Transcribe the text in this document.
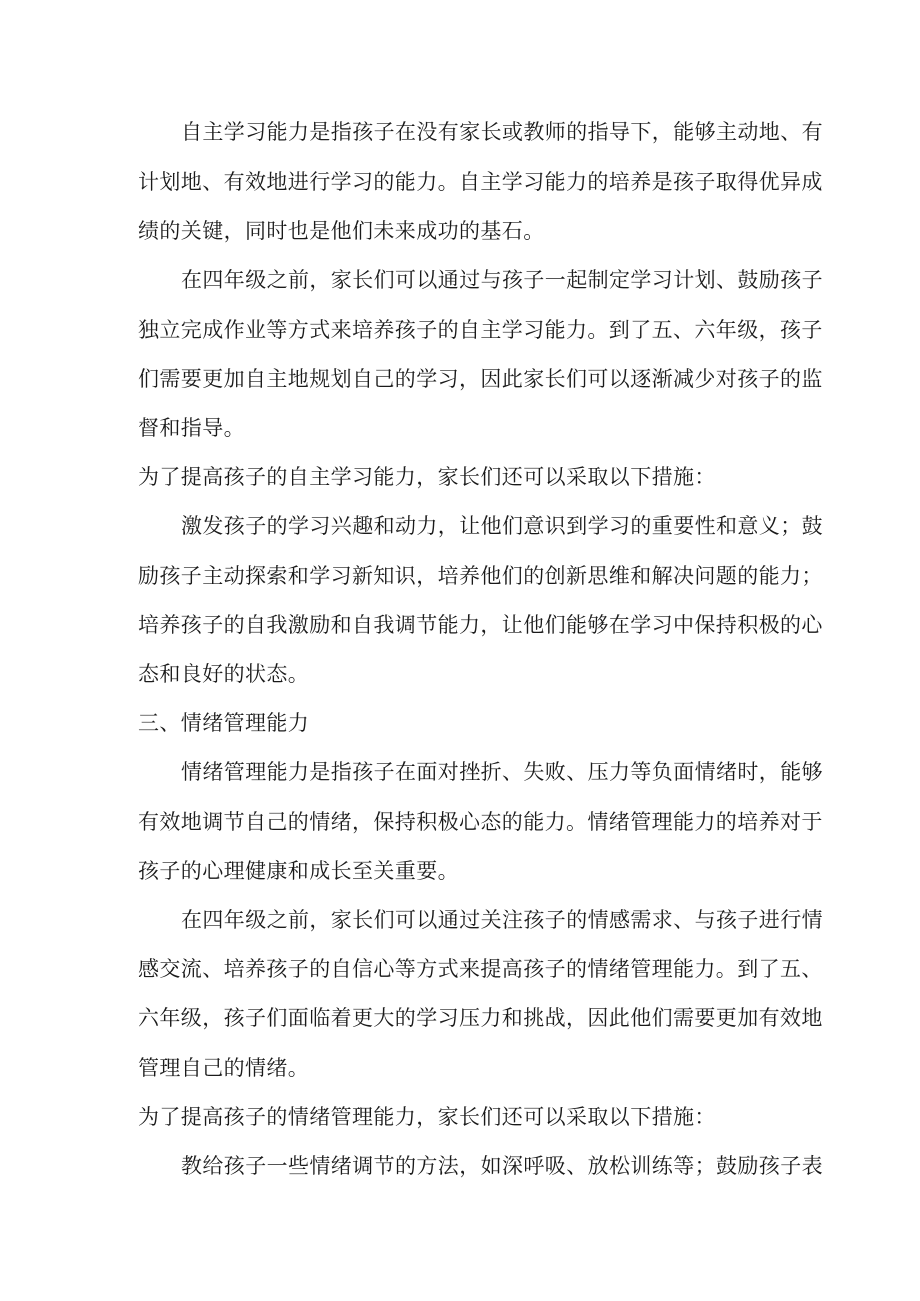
自主学习能力是指孩子在没有家长或教师的指导下，能够主动地、有
计划地、有效地进行学习的能力。自主学习能力的培养是孩子取得优异成
绩的关键，同时也是他们未来成功的基石。
在四年级之前，家长们可以通过与孩子一起制定学习计划、鼓励孩子
独立完成作业等方式来培养孩子的自主学习能力。到了五、六年级，孩子
们需要更加自主地规划自己的学习，因此家长们可以逐渐减少对孩子的监
督和指导。
为了提高孩子的自主学习能力，家长们还可以采取以下措施：
激发孩子的学习兴趣和动力，让他们意识到学习的重要性和意义；鼓
励孩子主动探索和学习新知识，培养他们的创新思维和解决问题的能力；
培养孩子的自我激励和自我调节能力，让他们能够在学习中保持积极的心
态和良好的状态。
三、情绪管理能力
情绪管理能力是指孩子在面对挫折、失败、压力等负面情绪时，能够
有效地调节自己的情绪，保持积极心态的能力。情绪管理能力的培养对于
孩子的心理健康和成长至关重要。
在四年级之前，家长们可以通过关注孩子的情感需求、与孩子进行情
感交流、培养孩子的自信心等方式来提高孩子的情绪管理能力。到了五、
六年级，孩子们面临着更大的学习压力和挑战，因此他们需要更加有效地
管理自己的情绪。
为了提高孩子的情绪管理能力，家长们还可以采取以下措施：
教给孩子一些情绪调节的方法，如深呼吸、放松训练等；鼓励孩子表
